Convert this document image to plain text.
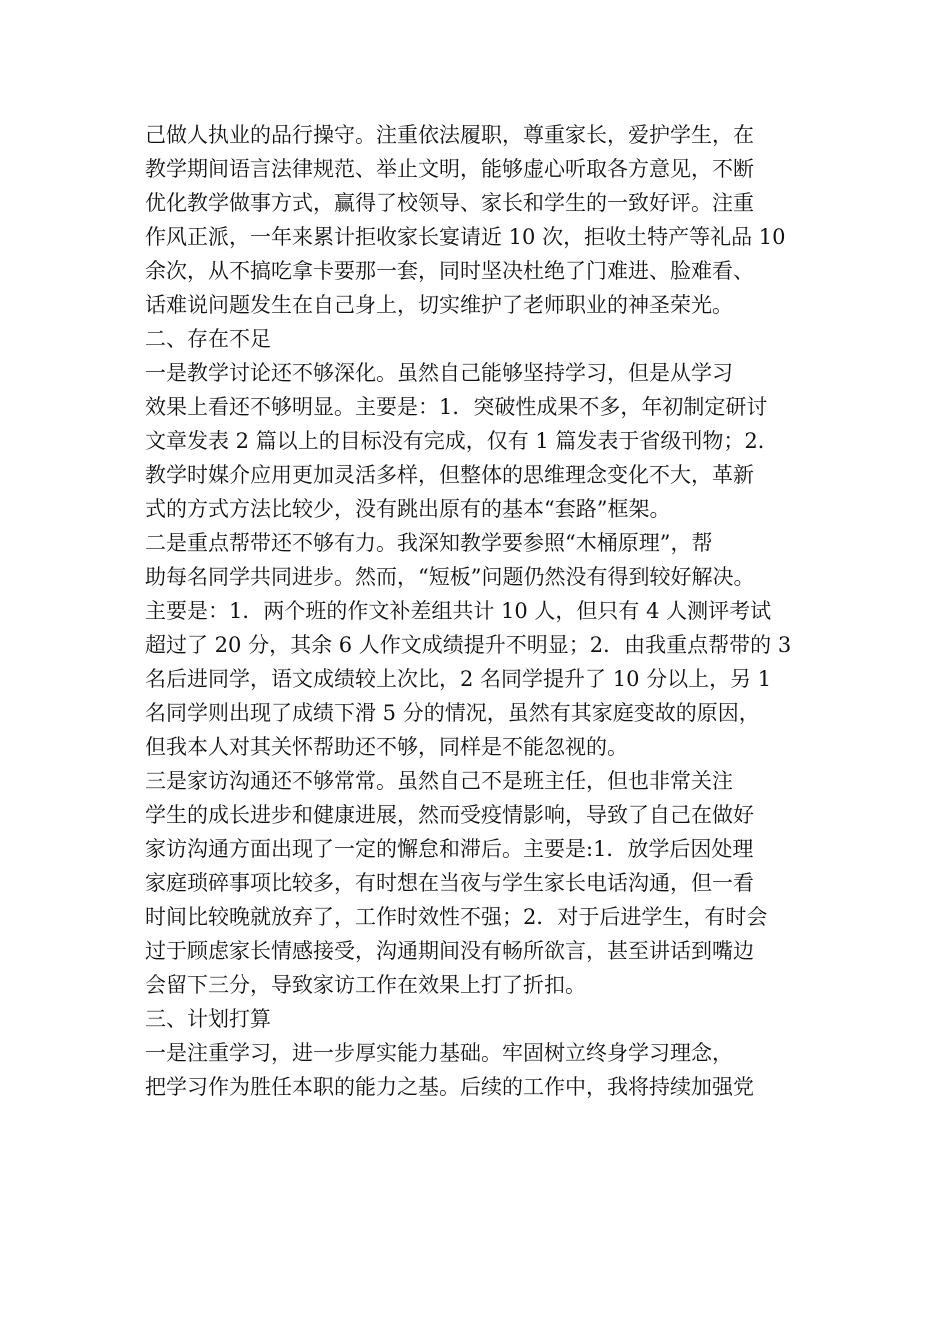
己做人执业的品行操守。注重依法履职，尊重家长，爱护学生，在
教学期间语言法律规范、举止文明，能够虚心听取各方意见，不断
优化教学做事方式，赢得了校领导、家长和学生的一致好评。注重
作风正派，一年来累计拒收家长宴请近 10 次，拒收土特产等礼品 10
余次，从不搞吃拿卡要那一套，同时坚决杜绝了门难进、脸难看、
话难说问题发生在自己身上，切实维护了老师职业的神圣荣光。
二、存在不足
一是教学讨论还不够深化。虽然自己能够坚持学习，但是从学习
效果上看还不够明显。主要是：1．突破性成果不多，年初制定研讨
文章发表 2 篇以上的目标没有完成，仅有 1 篇发表于省级刊物；2．
教学时媒介应用更加灵活多样，但整体的思维理念变化不大，革新
式的方式方法比较少，没有跳出原有的基本“套路”框架。
二是重点帮带还不够有力。我深知教学要参照“木桶原理”，帮
助每名同学共同进步。然而，“短板”问题仍然没有得到较好解决。
主要是：1．两个班的作文补差组共计 10 人，但只有 4 人测评考试
超过了 20 分，其余 6 人作文成绩提升不明显；2．由我重点帮带的 3
名后进同学，语文成绩较上次比，2 名同学提升了 10 分以上，另 1
名同学则出现了成绩下滑 5 分的情况，虽然有其家庭变故的原因，
但我本人对其关怀帮助还不够，同样是不能忽视的。
三是家访沟通还不够常常。虽然自己不是班主任，但也非常关注
学生的成长进步和健康进展，然而受疫情影响，导致了自己在做好
家访沟通方面出现了一定的懈怠和滞后。主要是:1．放学后因处理
家庭琐碎事项比较多，有时想在当夜与学生家长电话沟通，但一看
时间比较晚就放弃了，工作时效性不强；2．对于后进学生，有时会
过于顾虑家长情感接受，沟通期间没有畅所欲言，甚至讲话到嘴边
会留下三分，导致家访工作在效果上打了折扣。
三、计划打算
一是注重学习，进一步厚实能力基础。牢固树立终身学习理念，
把学习作为胜任本职的能力之基。后续的工作中，我将持续加强党
